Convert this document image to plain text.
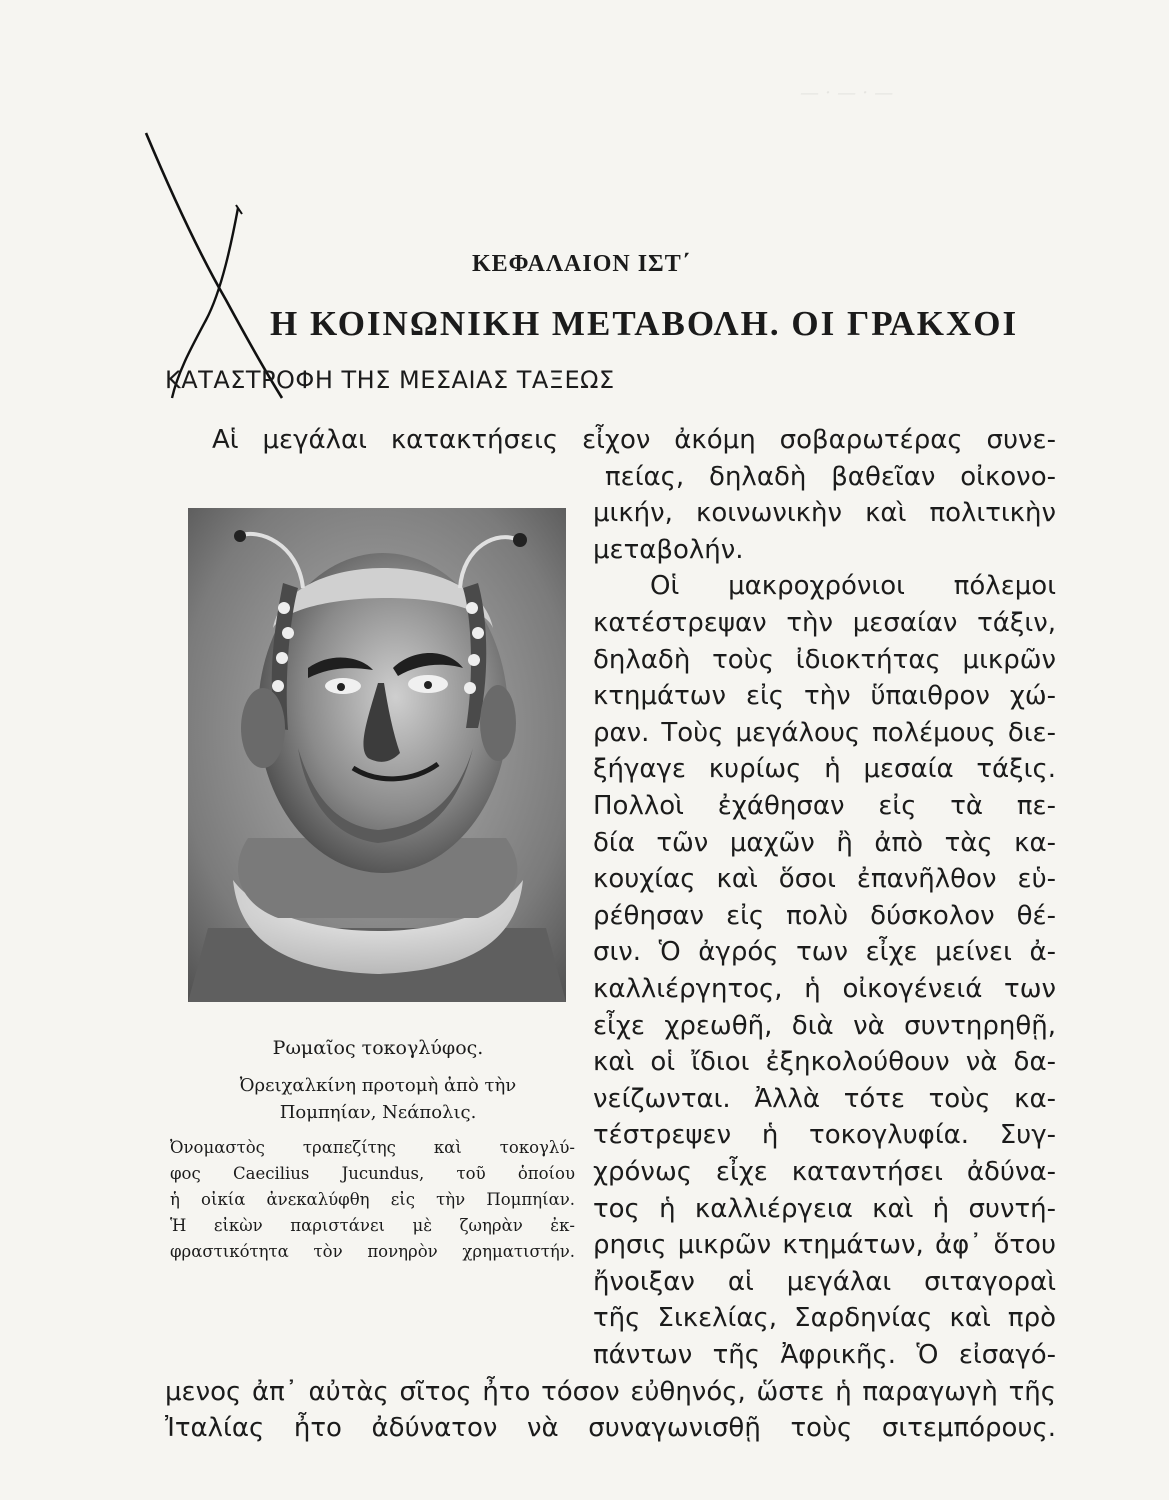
— · — · —
ΚΕΦΑΛΑΙΟΝ ΙΣΤ΄
Η ΚΟΙΝΩΝΙΚΗ ΜΕΤΑΒΟΛΗ. ΟΙ ΓΡΑΚΧΟΙ
ΚΑΤΑΣΤΡΟΦΗ ΤΗΣ ΜΕΣΑΙΑΣ ΤΑΞΕΩΣ
Αἱ μεγάλαι κατακτήσεις εἶχον ἀκόμη σοβαρωτέρας συνε-
πείας, δηλαδὴ βαθεῖαν οἰκονο-
μικήν, κοινωνικὴν καὶ πολιτικὴν
μεταβολήν.
Οἱ μακροχρόνιοι πόλεμοι
κατέστρεψαν τὴν μεσαίαν τάξιν,
δηλαδὴ τοὺς ἰδιοκτήτας μικρῶν
κτημάτων εἰς τὴν ὕπαιθρον χώ-
ραν. Τοὺς μεγάλους πολέμους διε-
ξήγαγε κυρίως ἡ μεσαία τάξις.
Πολλοὶ ἐχάθησαν εἰς τὰ πε-
δία τῶν μαχῶν ἢ ἀπὸ τὰς κα-
κουχίας καὶ ὅσοι ἐπανῆλθον εὑ-
ρέθησαν εἰς πολὺ δύσκολον θέ-
σιν. Ὁ ἀγρός των εἶχε μείνει ἀ-
καλλιέργητος, ἡ οἰκογένειά των
εἶχε χρεωθῆ, διὰ νὰ συντηρηθῇ,
καὶ οἱ ἴδιοι ἐξηκολούθουν νὰ δα-
νείζωνται. Ἀλλὰ τότε τοὺς κα-
τέστρεψεν ἡ τοκογλυφία. Συγ-
χρόνως εἶχε καταντήσει ἀδύνα-
τος ἡ καλλιέργεια καὶ ἡ συντή-
ρησις μικρῶν κτημάτων, ἀφ᾽ ὅτου
ἤνοιξαν αἱ μεγάλαι σιταγοραὶ
τῆς Σικελίας, Σαρδηνίας καὶ πρὸ
πάντων τῆς Ἀφρικῆς. Ὁ εἰσαγό-
μενος ἀπ᾽ αὐτὰς σῖτος ἦτο τόσον εὐθηνός, ὥστε ἡ παραγωγὴ τῆς
Ἰταλίας ἦτο ἀδύνατον νὰ συναγωνισθῇ τοὺς σιτεμπόρους.
Ρωμαῖος τοκογλύφος.
Ὀρειχαλκίνη προτομὴ ἀπὸ τὴν
Πομπηίαν, Νεάπολις.
Ὀνομαστὸς τραπεζίτης καὶ τοκογλύ-
φος Caecilius Jucundus, τοῦ ὁποίου
ἡ οἰκία ἀνεκαλύφθη εἰς τὴν Πομπηίαν.
Ἡ εἰκὼν παριστάνει μὲ ζωηρὰν ἐκ-
φραστικότητα τὸν πονηρὸν χρηματιστήν.
